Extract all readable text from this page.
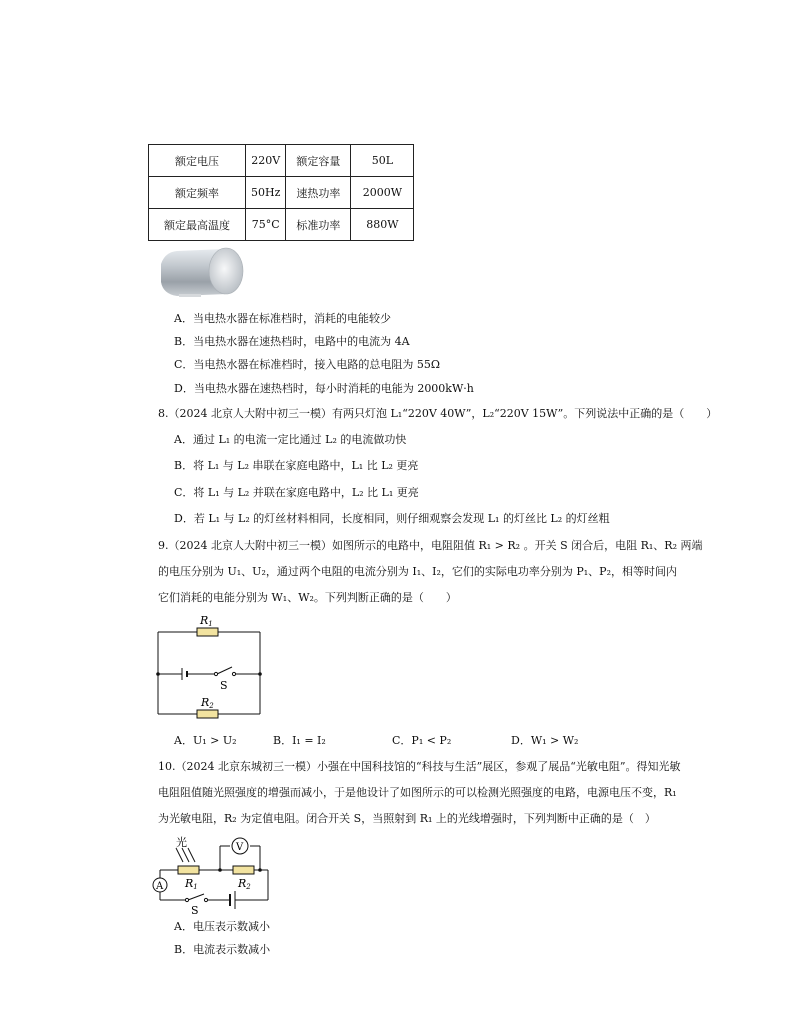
额定电压	220V	额定容量	50L
额定频率	50Hz	速热功率	2000W
额定最高温度	75°C	标准功率	880W
A．当电热水器在标准档时，消耗的电能较少
B．当电热水器在速热档时，电路中的电流为 4A
C．当电热水器在标准档时，接入电路的总电阻为 55Ω
D．当电热水器在速热档时，每小时消耗的电能为 2000kW·h
8.（2024 北京人大附中初三一模）有两只灯泡 L₁“220V 40W”，L₂“220V 15W”。下列说法中正确的是（　　）
A．通过 L₁ 的电流一定比通过 L₂ 的电流做功快
B．将 L₁ 与 L₂ 串联在家庭电路中，L₁ 比 L₂ 更亮
C．将 L₁ 与 L₂ 并联在家庭电路中，L₂ 比 L₁ 更亮
D．若 L₁ 与 L₂ 的灯丝材料相同，长度相同，则仔细观察会发现 L₁ 的灯丝比 L₂ 的灯丝粗
9.（2024 北京人大附中初三一模）如图所示的电路中，电阻阻值 R₁ > R₂ 。开关 S 闭合后，电阻 R₁、R₂ 两端
的电压分别为 U₁、U₂，通过两个电阻的电流分别为 I₁、I₂，它们的实际电功率分别为 P₁、P₂，相等时间内
它们消耗的电能分别为 W₁、W₂。下列判断正确的是（　　）
R1
S
R2
A．U₁ > U₂	B．I₁ = I₂	C．P₁ < P₂	D．W₁ > W₂
10.（2024 北京东城初三一模）小强在中国科技馆的“科技与生活”展区，参观了展品“光敏电阻”。得知光敏
电阻阻值随光照强度的增强而减小，于是他设计了如图所示的可以检测光照强度的电路，电源电压不变，R₁
为光敏电阻，R₂ 为定值电阻。闭合开关 S，当照射到 R₁ 上的光线增强时，下列判断中正确的是（　）
V
A
光
R1	R2
S
A．电压表示数减小
B．电流表示数减小
